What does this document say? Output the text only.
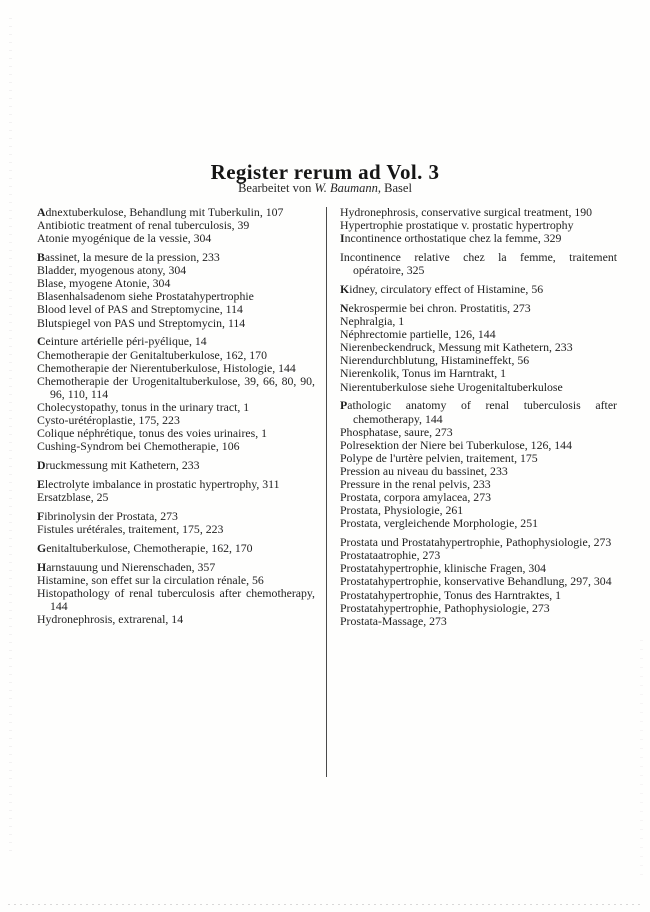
Register rerum ad Vol. 3
Bearbeitet von W. Baumann, Basel

Adnextuberkulose, Behandlung mit Tuberkulin, 107

Antibiotic treatment of renal tuberculosis, 39

Atonie myogénique de la vessie, 304

Bassinet, la mesure de la pression, 233

Bladder, myogenous atony, 304

Blase, myogene Atonie, 304

Blasenhalsadenom siehe Prostatahypertrophie

Blood level of PAS and Streptomycine, 114

Blutspiegel von PAS und Streptomycin, 114

Ceinture artérielle péri-pyélique, 14

Chemotherapie der Genitaltuberkulose, 162, 170

Chemotherapie der Nierentuberkulose, Histologie, 144

Chemotherapie der Urogenitaltuberkulose, 39, 66, 80, 90, 96, 110, 114

Cholecystopathy, tonus in the urinary tract, 1

Cysto-urétéroplastie, 175, 223

Colique néphrétique, tonus des voies urinaires, 1

Cushing-Syndrom bei Chemotherapie, 106

Druckmessung mit Kathetern, 233

Electrolyte imbalance in prostatic hypertrophy, 311

Ersatzblase, 25

Fibrinolysin der Prostata, 273

Fistules urétérales, traitement, 175, 223

Genitaltuberkulose, Chemotherapie, 162, 170

Harnstauung und Nierenschaden, 357

Histamine, son effet sur la circulation rénale, 56

Histopathology of renal tuberculosis after chemotherapy, 144

Hydronephrosis, extrarenal, 14

Hydronephrosis, conservative surgical treatment, 190

Hypertrophie prostatique v. prostatic hypertrophy

Incontinence orthostatique chez la femme, 329

Incontinence relative chez la femme, traitement opératoire, 325

Kidney, circulatory effect of Histamine, 56

Nekrospermie bei chron. Prostatitis, 273

Nephralgia, 1

Néphrectomie partielle, 126, 144

Nierenbeckendruck, Messung mit Kathetern, 233

Nierendurchblutung, Histamineffekt, 56

Nierenkolik, Tonus im Harntrakt, 1

Nierentuberkulose siehe Urogenitaltuberkulose

Pathologic anatomy of renal tuberculosis after chemotherapy, 144

Phosphatase, saure, 273

Polresektion der Niere bei Tuberkulose, 126, 144

Polype de l'urtère pelvien, traitement, 175

Pression au niveau du bassinet, 233

Pressure in the renal pelvis, 233

Prostata, corpora amylacea, 273

Prostata, Physiologie, 261

Prostata, vergleichende Morphologie, 251

Prostata und Prostatahypertrophie, Pathophysiologie, 273

Prostataatrophie, 273

Prostatahypertrophie, klinische Fragen, 304

Prostatahypertrophie, konservative Behandlung, 297, 304

Prostatahypertrophie, Tonus des Harntraktes, 1

Prostatahypertrophie, Pathophysiologie, 273

Prostata-Massage, 273
